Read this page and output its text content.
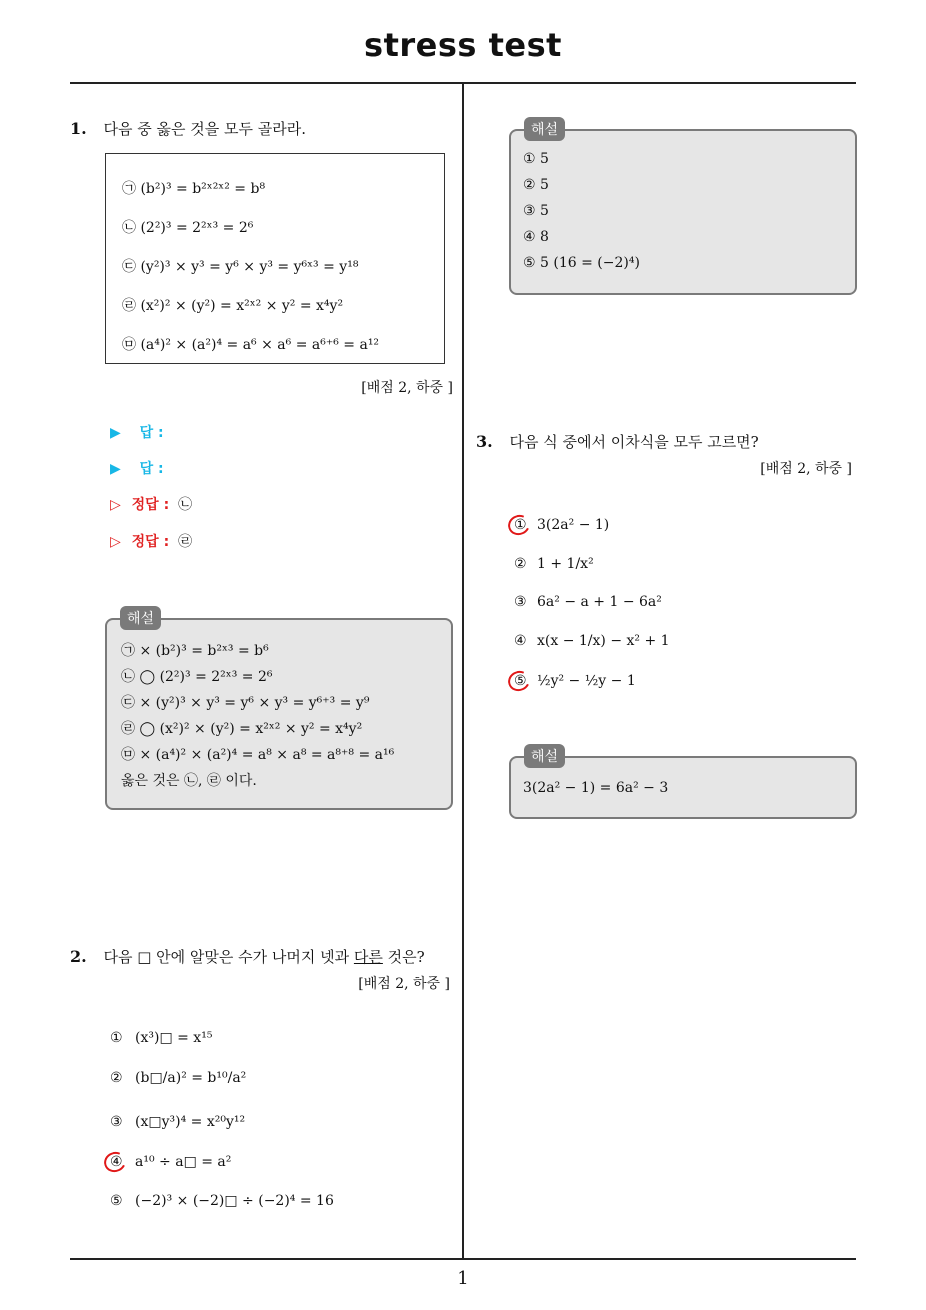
stress test
1
1. 다음 중 옳은 것을 모두 골라라.
㉠ (b²)³ = b²ˣ²ˣ² = b⁸
㉡ (2²)³ = 2²ˣ³ = 2⁶
㉢ (y²)³ × y³ = y⁶ × y³ = y⁶ˣ³ = y¹⁸
㉣ (x²)² × (y²) = x²ˣ² × y² = x⁴y²
㉤ (a⁴)² × (a²)⁴ = a⁶ × a⁶ = a⁶⁺⁶ = a¹²
[배점 2, 하중 ]
▶ 답 :
▶ 답 :
▷ 정답 : ㉡
▷ 정답 : ㉣
㉠ × (b²)³ = b²ˣ³ = b⁶
㉡ ◯ (2²)³ = 2²ˣ³ = 2⁶
㉢ × (y²)³ × y³ = y⁶ × y³ = y⁶⁺³ = y⁹
㉣ ◯ (x²)² × (y²) = x²ˣ² × y² = x⁴y²
㉤ × (a⁴)² × (a²)⁴ = a⁸ × a⁸ = a⁸⁺⁸ = a¹⁶
옳은 것은 ㉡, ㉣ 이다.
해설
2. 다음 □ 안에 알맞은 수가 나머지 넷과 다른 것은?
[배점 2, 하중 ]
① (x³)□ = x¹⁵
② (b□/a)² = b¹⁰/a²
③ (x□y³)⁴ = x²⁰y¹²
④ a¹⁰ ÷ a□ = a²
⑤ (−2)³ × (−2)□ ÷ (−2)⁴ = 16
① 5
② 5
③ 5
④ 8
⑤ 5 (16 = (−2)⁴)
해설
3. 다음 식 중에서 이차식을 모두 고르면?
[배점 2, 하중 ]
① 3(2a² − 1)
② 1 + 1/x²
③ 6a² − a + 1 − 6a²
④ x(x − 1/x) − x² + 1
⑤ ½y² − ½y − 1
3(2a² − 1) = 6a² − 3
해설
